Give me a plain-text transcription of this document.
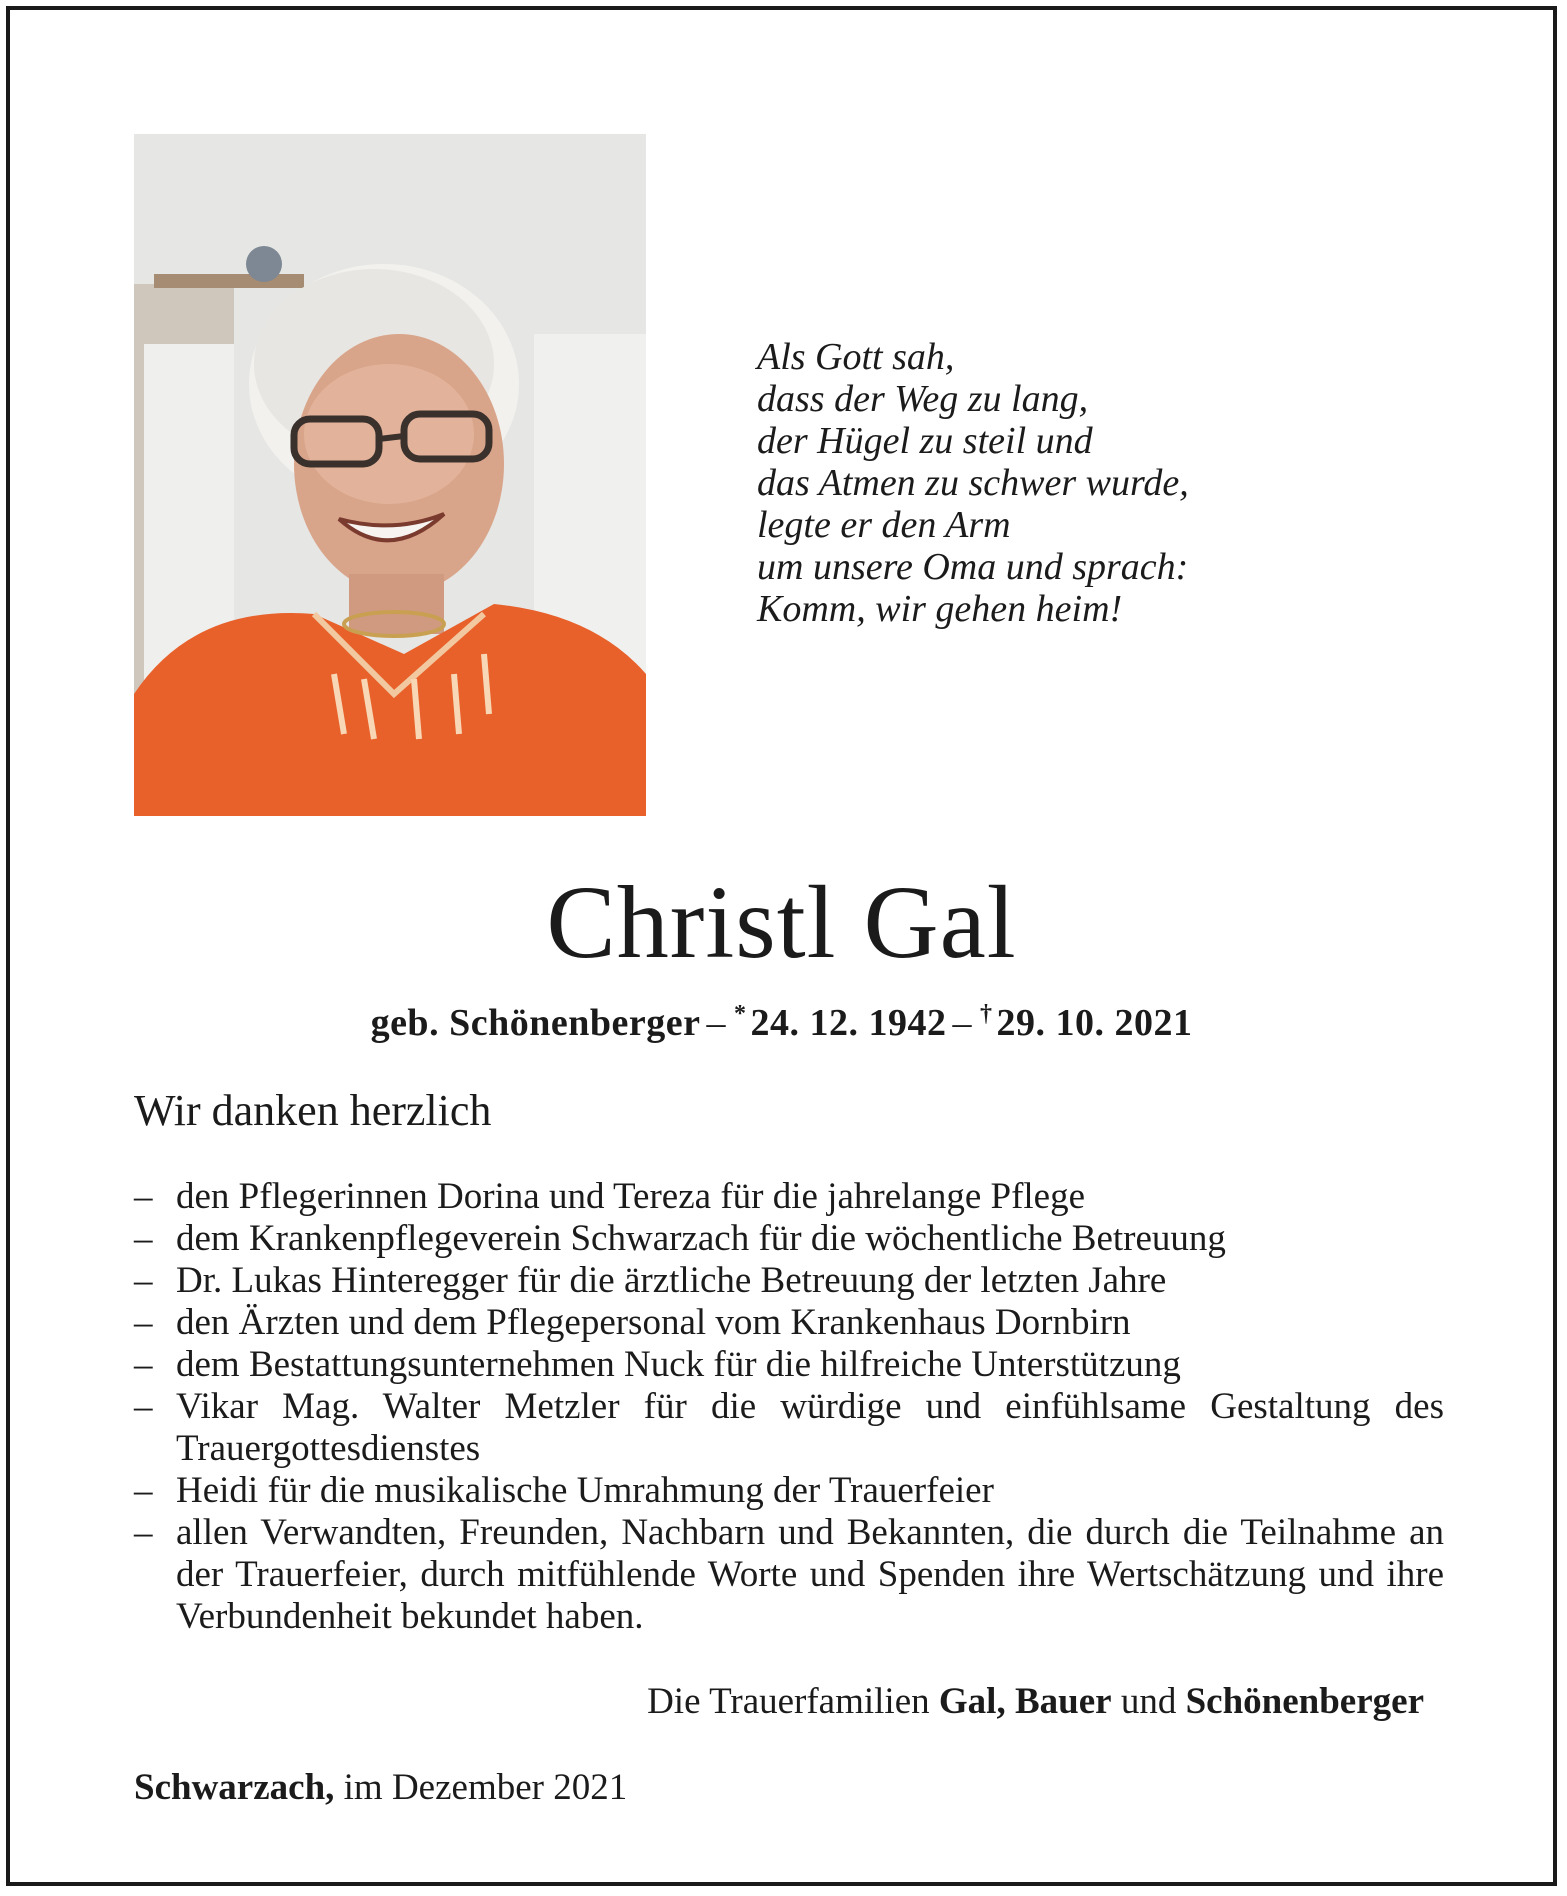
Als Gott sah,
dass der Weg zu lang,
der Hügel zu steil und
das Atmen zu schwer wurde,
legte er den Arm
um unsere Oma und sprach:
Komm, wir gehen heim!
Christl Gal
geb. Schönenberger – * 24. 12. 1942 – † 29. 10. 2021
Wir danken herzlich
– den Pflegerinnen Dorina und Tereza für die jahrelange Pflege
– dem Krankenpflegeverein Schwarzach für die wöchentliche Betreuung
– Dr. Lukas Hinteregger für die ärztliche Betreuung der letzten Jahre
– den Ärzten und dem Pflegepersonal vom Krankenhaus Dornbirn
– dem Bestattungsunternehmen Nuck für die hilfreiche Unterstützung
– Vikar Mag. Walter Metzler für die würdige und einfühlsame Gestaltung des Trauergottesdienstes
– Heidi für die musikalische Umrahmung der Trauerfeier
– allen Verwandten, Freunden, Nachbarn und Bekannten, die durch die Teilnahme an der Trauerfeier, durch mitfühlende Worte und Spenden ihre Wertschätzung und ihre Verbundenheit bekundet haben.
Die Trauerfamilien Gal, Bauer und Schönenberger
Schwarzach, im Dezember 2021
